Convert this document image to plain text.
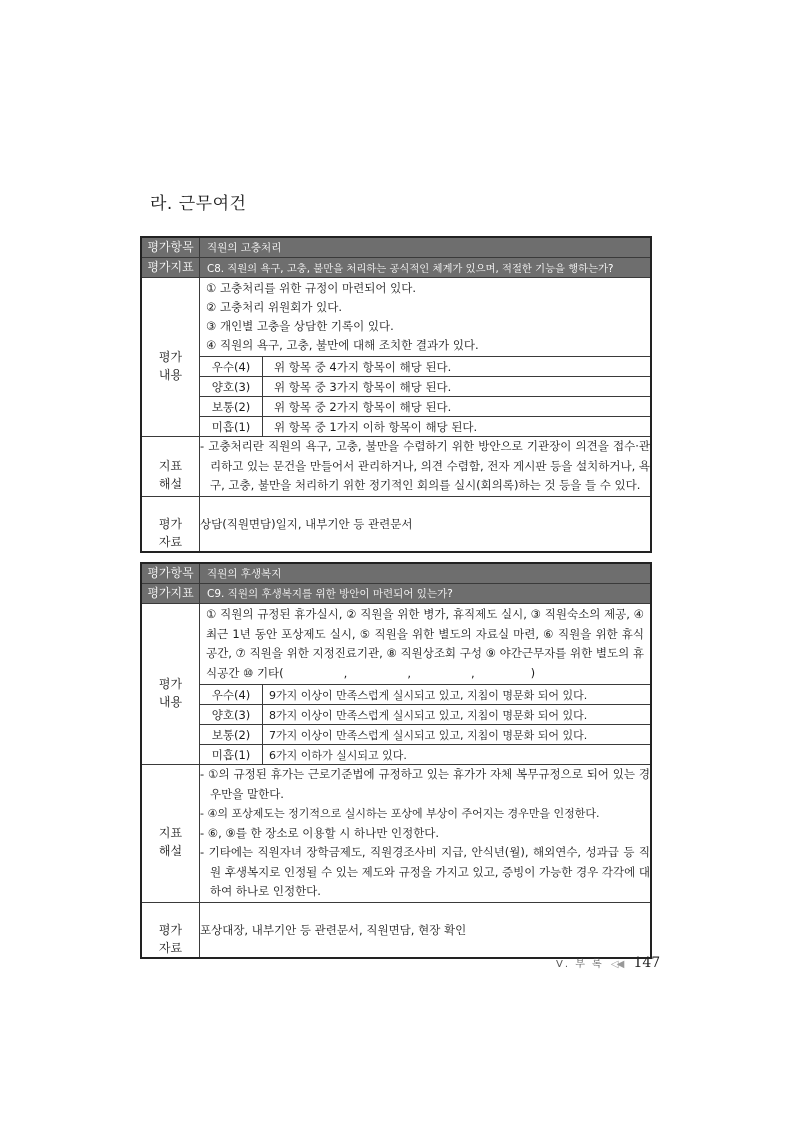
라. 근무여건
평가항목	직원의 고충처리
평가지표	C8. 직원의 욕구, 고충, 불만을 처리하는 공식적인 체계가 있으며, 적절한 기능을 행하는가?

평가
내용

① 고충처리를 위한 규정이 마련되어 있다.
② 고충처리 위원회가 있다.
③ 개인별 고충을 상담한 기록이 있다.
④ 직원의 욕구, 고충, 불만에 대해 조치한 결과가 있다.
우수(4)	위 항목 중 4가지 항목이 해당 된다.
양호(3)	위 항목 중 3가지 항목이 해당 된다.
보통(2)	위 항목 중 2가지 항목이 해당 된다.
미흡(1)	위 항목 중 1가지 이하 항목이 해당 된다.

지표
해설

- 고충처리란 직원의 욕구, 고충, 불만을 수렴하기 위한 방안으로 기관장이 의견을 접수·관리하고 있는 문건을 만들어서 관리하거나, 의견 수렴함, 전자 게시판 등을 설치하거나, 욕구, 고충, 불만을 처리하기 위한 정기적인 회의를 실시(회의록)하는 것 등을 들 수 있다.

평가
자료
	상담(직원면담)일지, 내부기안 등 관련문서
평가항목	직원의 후생복지
평가지표	C9. 직원의 후생복지를 위한 방안이 마련되어 있는가?

평가
내용

① 직원의 규정된 휴가실시, ② 직원을 위한 병가, 휴직제도 실시, ③ 직원숙소의 제공, ④ 최근 1년 동안 포상제도 실시, ⑤ 직원을 위한 별도의 자료실 마련, ⑥ 직원을 위한 휴식공간, ⑦ 직원을 위한 지정진료기관, ⑧ 직원상조회 구성 ⑨ 야간근무자를 위한 별도의 휴식공간 ⑩ 기타(	,	,	,	)
우수(4)	9가지 이상이 만족스럽게 실시되고 있고, 지침이 명문화 되어 있다.
양호(3)	8가지 이상이 만족스럽게 실시되고 있고, 지침이 명문화 되어 있다.
보통(2)	7가지 이상이 만족스럽게 실시되고 있고, 지침이 명문화 되어 있다.
미흡(1)	6가지 이하가 실시되고 있다.

지표
해설

- ①의 규정된 휴가는 근로기준법에 규정하고 있는 휴가가 자체 복무규정으로 되어 있는 경우만을 말한다.
- ④의 포상제도는 정기적으로 실시하는 포상에 부상이 주어지는 경우만을 인정한다.
- ⑥, ⑨를 한 장소로 이용할 시 하나만 인정한다.
- 기타에는 직원자녀 장학금제도, 직원경조사비 지급, 안식년(월), 해외연수, 성과급 등 직원 후생복지로 인정될 수 있는 제도와 규정을 가지고 있고, 증빙이 가능한 경우 각각에 대하여 하나로 인정한다.

평가
자료
	포상대장, 내부기안 등 관련문서, 직원면담, 현장 확인
Ⅴ. 부 록 ◁◀ 147
